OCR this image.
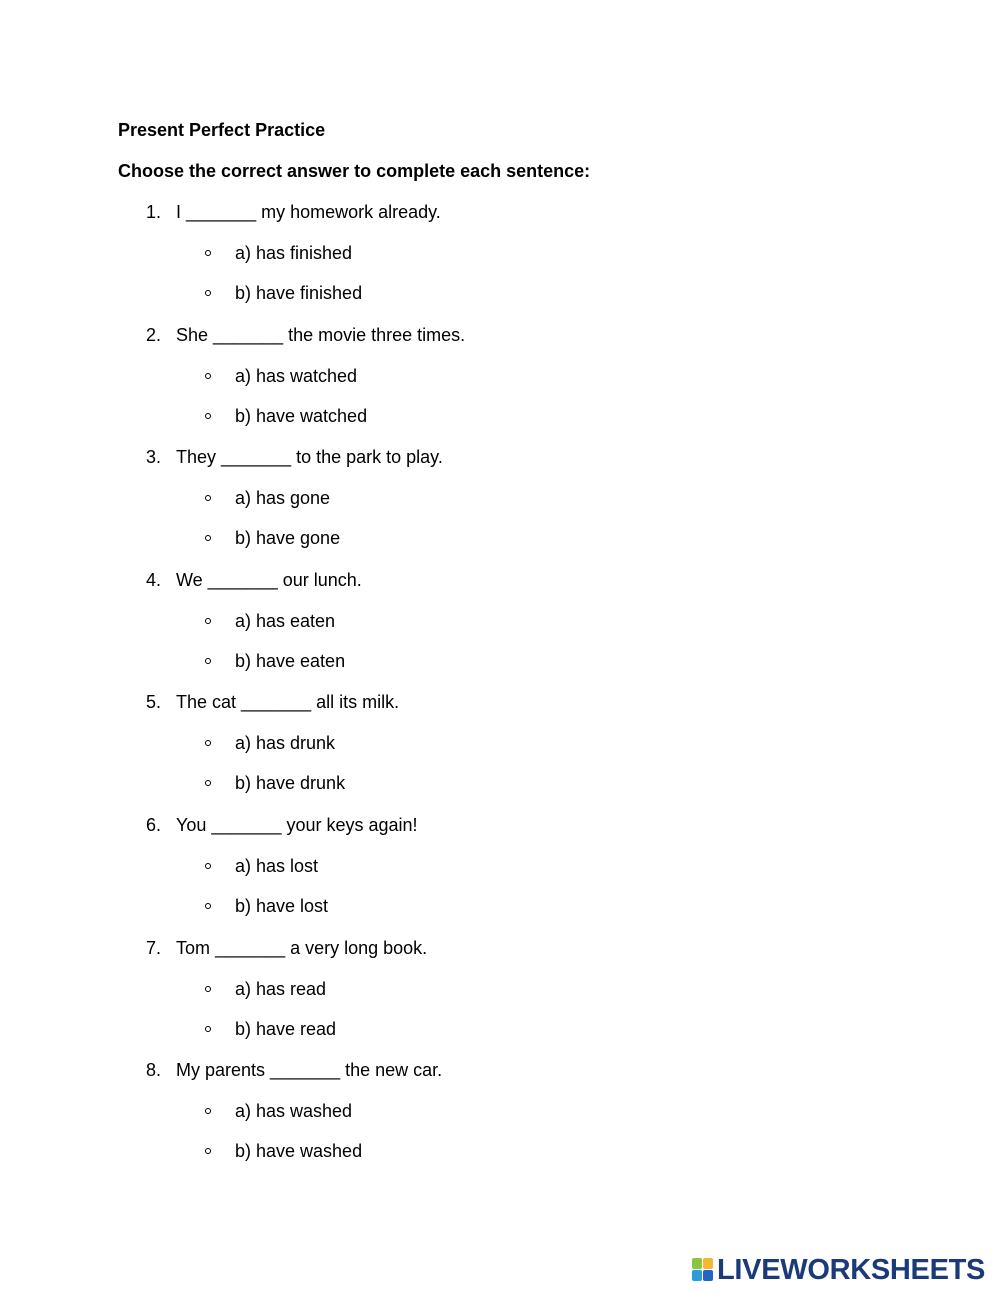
Present Perfect Practice
Choose the correct answer to complete each sentence:
1. I _______ my homework already.
a) has finished
b) have finished
2. She _______ the movie three times.
a) has watched
b) have watched
3. They _______ to the park to play.
a) has gone
b) have gone
4. We _______ our lunch.
a) has eaten
b) have eaten
5. The cat _______ all its milk.
a) has drunk
b) have drunk
6. You _______ your keys again!
a) has lost
b) have lost
7. Tom _______ a very long book.
a) has read
b) have read
8. My parents _______ the new car.
a) has washed
b) have washed
LIVEWORKSHEETS
